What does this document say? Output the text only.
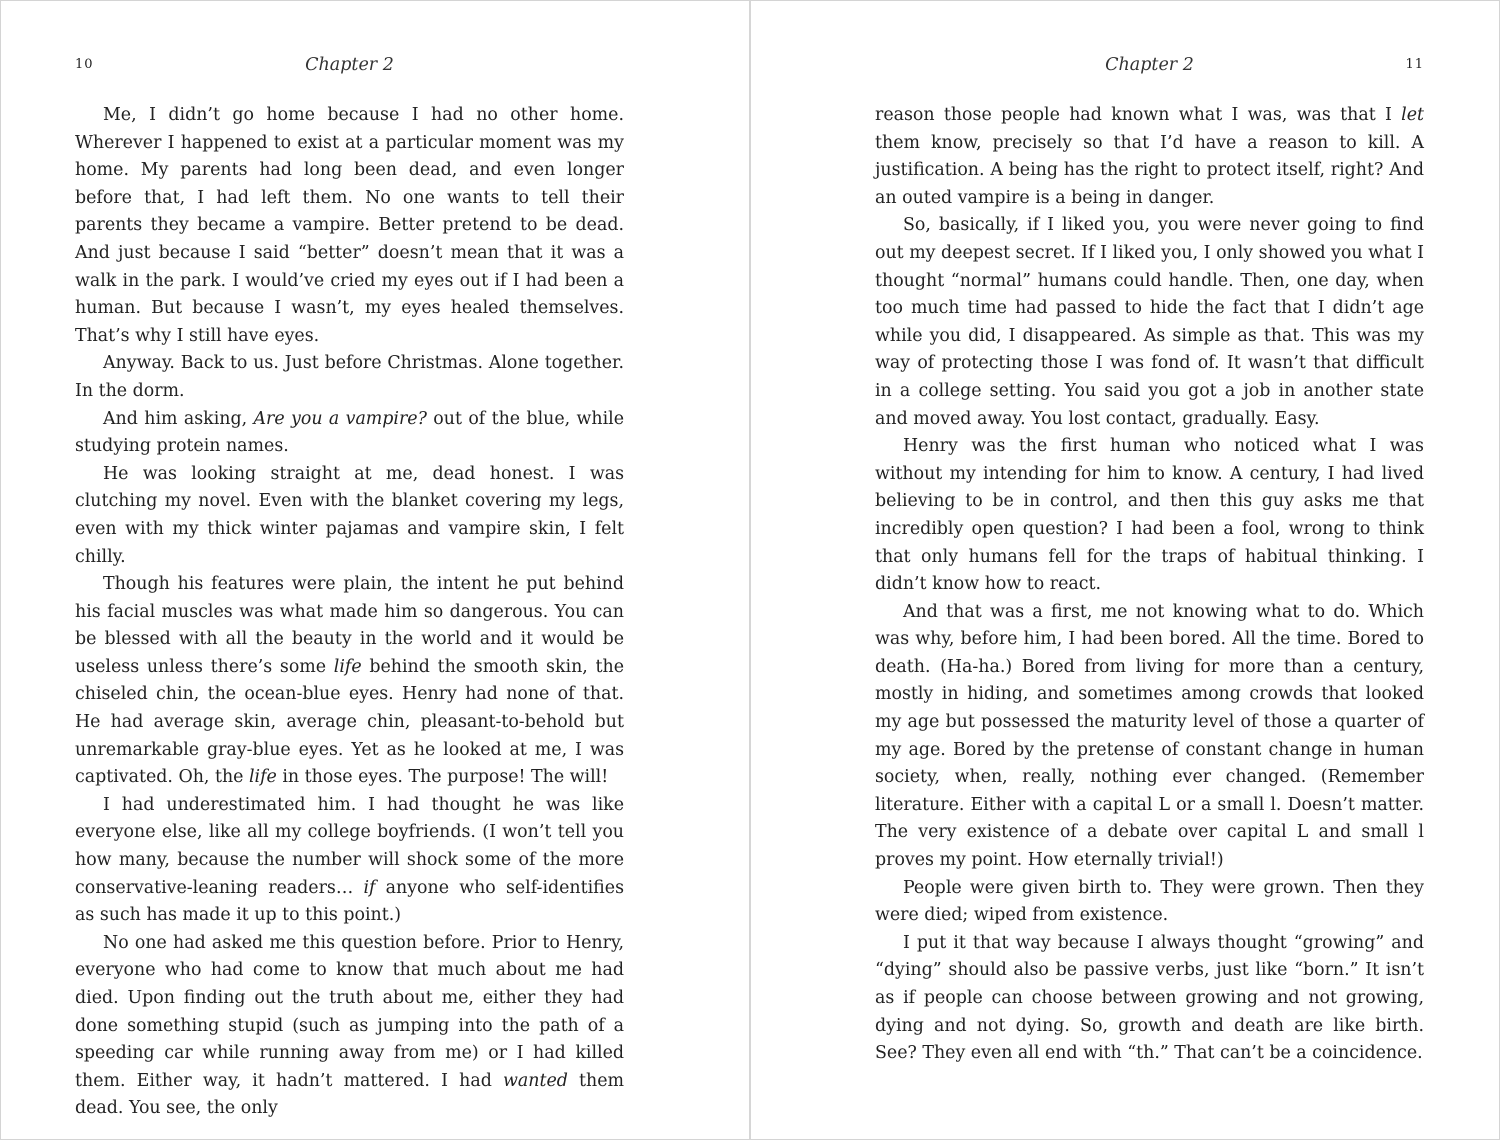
10	Chapter 2

Me, I didn’t go home because I had no other home. Wherever I happened to exist at a particular moment was my home. My parents had long been dead, and even longer before that, I had left them. No one wants to tell their parents they became a vampire. Better pretend to be dead. And just because I said “better” doesn’t mean that it was a walk in the park. I would’ve cried my eyes out if I had been a human. But because I wasn’t, my eyes healed themselves. That’s why I still have eyes.

Anyway. Back to us. Just before Christmas. Alone together. In the dorm.

And him asking, Are you a vampire? out of the blue, while studying protein names.

He was looking straight at me, dead honest. I was clutching my novel. Even with the blanket covering my legs, even with my thick winter pajamas and vampire skin, I felt chilly.

Though his features were plain, the intent he put behind his facial muscles was what made him so dangerous. You can be blessed with all the beauty in the world and it would be useless unless there’s some life behind the smooth skin, the chiseled chin, the ocean-blue eyes. Henry had none of that. He had average skin, average chin, pleasant-to-behold but unremarkable gray-blue eyes. Yet as he looked at me, I was captivated. Oh, the life in those eyes. The purpose! The will!

I had underestimated him. I had thought he was like everyone else, like all my college boyfriends. (I won’t tell you how many, because the number will shock some of the more conservative-leaning readers… if anyone who self-identifies as such has made it up to this point.)

No one had asked me this question before. Prior to Henry, everyone who had come to know that much about me had died. Upon finding out the truth about me, either they had done something stupid (such as jumping into the path of a speeding car while running away from me) or I had killed them. Either way, it hadn’t mattered. I had wanted them dead. You see, the only

Chapter 2	11

reason those people had known what I was, was that I let them know, precisely so that I’d have a reason to kill. A justification. A being has the right to protect itself, right? And an outed vampire is a being in danger.

So, basically, if I liked you, you were never going to find out my deepest secret. If I liked you, I only showed you what I thought “normal” humans could handle. Then, one day, when too much time had passed to hide the fact that I didn’t age while you did, I disappeared. As simple as that. This was my way of protecting those I was fond of. It wasn’t that difficult in a college setting. You said you got a job in another state and moved away. You lost contact, gradually. Easy.

Henry was the first human who noticed what I was without my intending for him to know. A century, I had lived believing to be in control, and then this guy asks me that incredibly open question? I had been a fool, wrong to think that only humans fell for the traps of habitual thinking. I didn’t know how to react.

And that was a first, me not knowing what to do. Which was why, before him, I had been bored. All the time. Bored to death. (Ha-ha.) Bored from living for more than a century, mostly in hiding, and sometimes among crowds that looked my age but possessed the maturity level of those a quarter of my age. Bored by the pretense of constant change in human society, when, really, nothing ever changed. (Remember literature. Either with a capital L or a small l. Doesn’t matter. The very existence of a debate over capital L and small l proves my point. How eternally trivial!)

People were given birth to. They were grown. Then they were died; wiped from existence.

I put it that way because I always thought “growing” and “dying” should also be passive verbs, just like “born.” It isn’t as if people can choose between growing and not growing, dying and not dying. So, growth and death are like birth. See? They even all end with “th.” That can’t be a coincidence.
